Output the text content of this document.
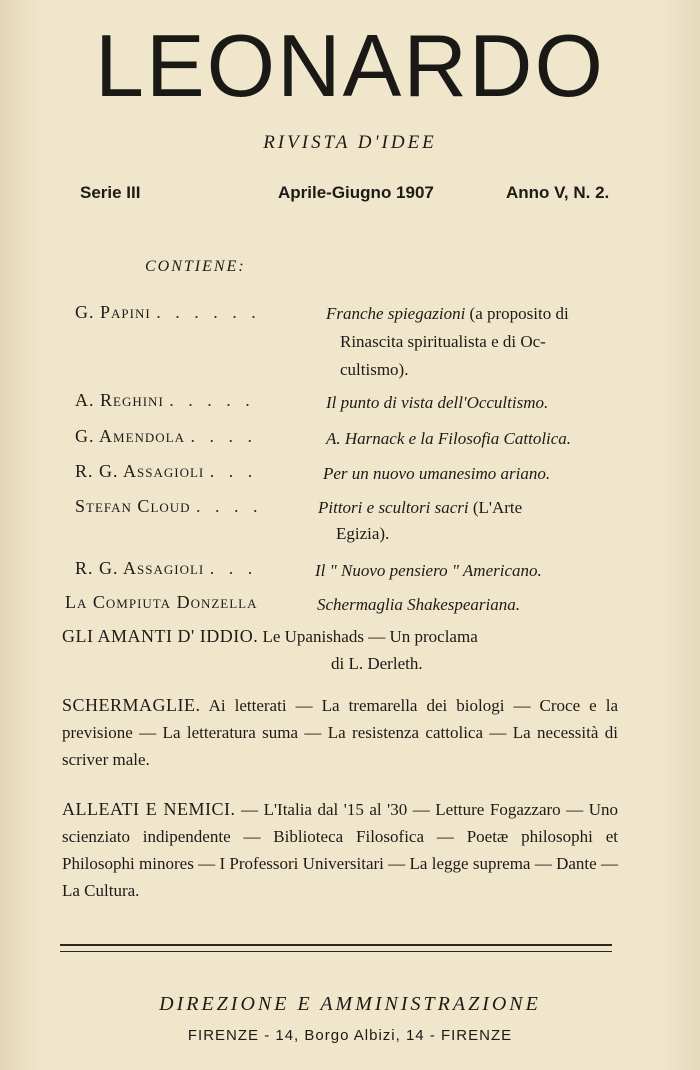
LEONARDO
RIVISTA D'IDEE
Serie III	Aprile-Giugno 1907	Anno V, N. 2.
CONTIENE:
G. Papini . . . . . .	Franche spiegazioni (a proposito di
Rinascita spiritualista e di Oc-
cultismo).
A. Reghini . . . . .	Il punto di vista dell'Occultismo.
G. Amendola . . . .	A. Harnack e la Filosofia Cattolica.
R. G. Assagioli . . .	Per un nuovo umanesimo ariano.
Stefan Cloud . . . .	Pittori e scultori sacri (L'Arte
Egizia).
R. G. Assagioli . . .	Il " Nuovo pensiero " Americano.
La Compiuta Donzella	Schermaglia Shakespeariana.
GLI AMANTI D' IDDIO. Le Upanishads — Un proclama
di L. Derleth.
SCHERMAGLIE. Ai letterati — La tremarella dei biologi — Croce e la previsione — La letteratura suma — La resistenza cattolica — La necessità di scriver male.
ALLEATI E NEMICI. — L'Italia dal '15 al '30 — Letture Fogazzaro — Uno scienziato indipendente — Biblioteca Filosofica — Poetæ philosophi et Philosophi minores — I Professori Universitari — La legge suprema — Dante — La Cultura.
DIREZIONE E AMMINISTRAZIONE
FIRENZE - 14, Borgo Albizi, 14 - FIRENZE
